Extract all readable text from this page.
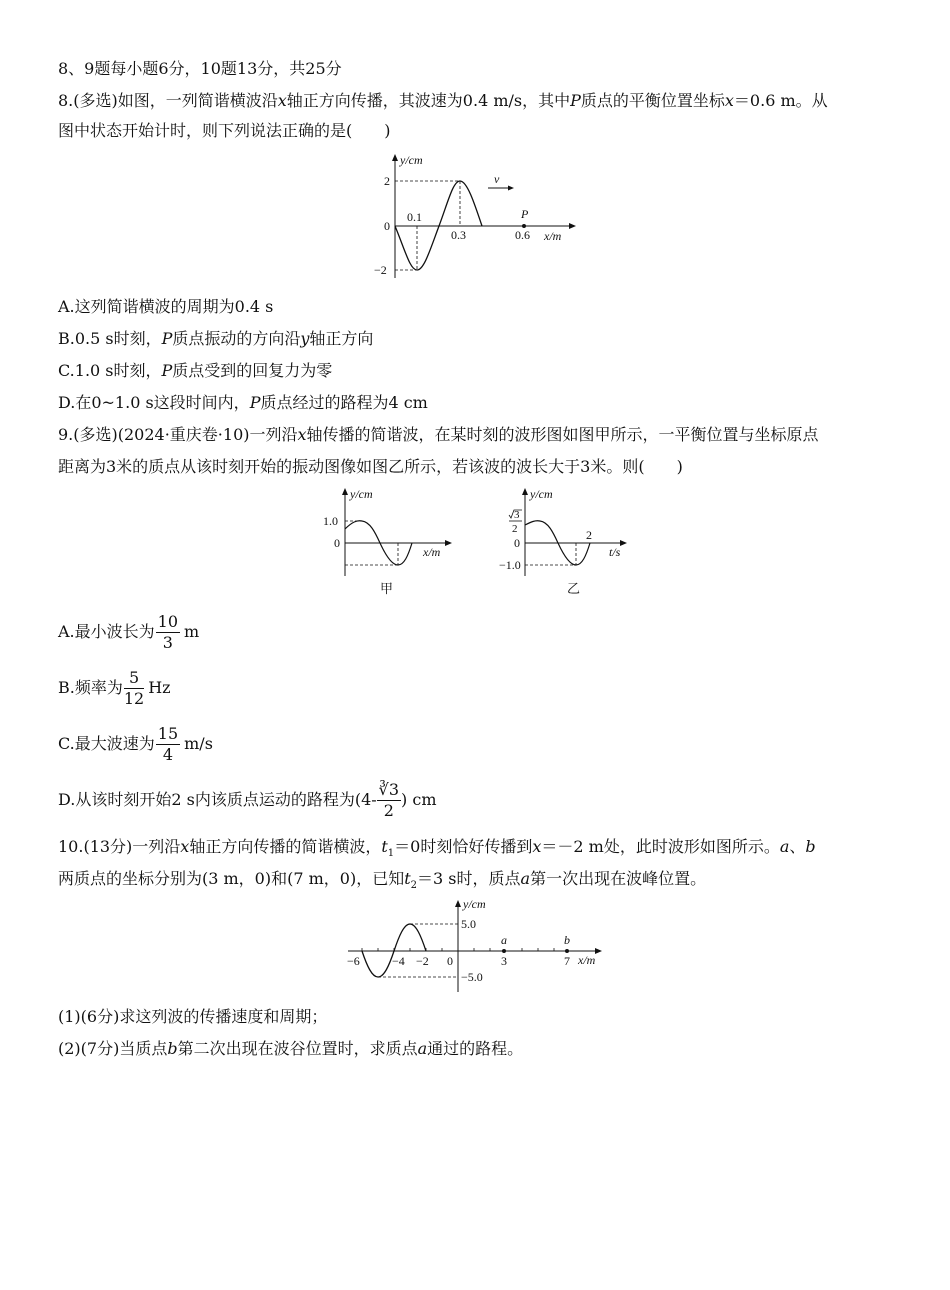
8、9题每小题6分，10题13分，共25分
8.(多选)如图，一列简谐横波沿x轴正方向传播，其波速为0.4 m/s，其中P质点的平衡位置坐标x＝0.6 m。从
图中状态开始计时，则下列说法正确的是(　　)
y/cm
2
0
−2
0.1
0.3	0.6 x/m
P
v
A.这列简谐横波的周期为0.4 s
B.0.5 s时刻，P质点振动的方向沿y轴正方向
C.1.0 s时刻，P质点受到的回复力为零
D.在0~1.0 s这段时间内，P质点经过的路程为4 cm
9.(多选)(2024·重庆卷·10)一列沿x轴传播的简谐波，在某时刻的波形图如图甲所示，一平衡位置与坐标原点
距离为3米的质点从该时刻开始的振动图像如图乙所示，若该波的波长大于3米。则(　　)
y/cm
1.0
0
x/m
甲
y/cm
3
2
0
2
−1.0
t/s
乙
A.最小波长为 $\frac{10}{3}$ m
B.频率为 $\frac{5}{12}$ Hz
C.最大波速为 $\frac{15}{4} m/s$
D.从该时刻开始2 s内该质点运动的路程为($4- \frac{∛3}{2}$ ) cm
10.(13分)一列沿x轴正方向传播的简谐横波，$t_1=0$时刻恰好传播到x＝－2 m处，此时波形如图所示。a、b
两质点的坐标分别为(3 m，0)和(7 m，0)，已知$t_2=3$ s时，质点a第一次出现在波峰位置。
y/cm
5.0
−5.0
−6	−4 −2 0	3	7
a	b
x/m
(1)(6分)求这列波的传播速度和周期；
(2)(7分)当质点b第二次出现在波谷位置时，求质点a通过的路程。
